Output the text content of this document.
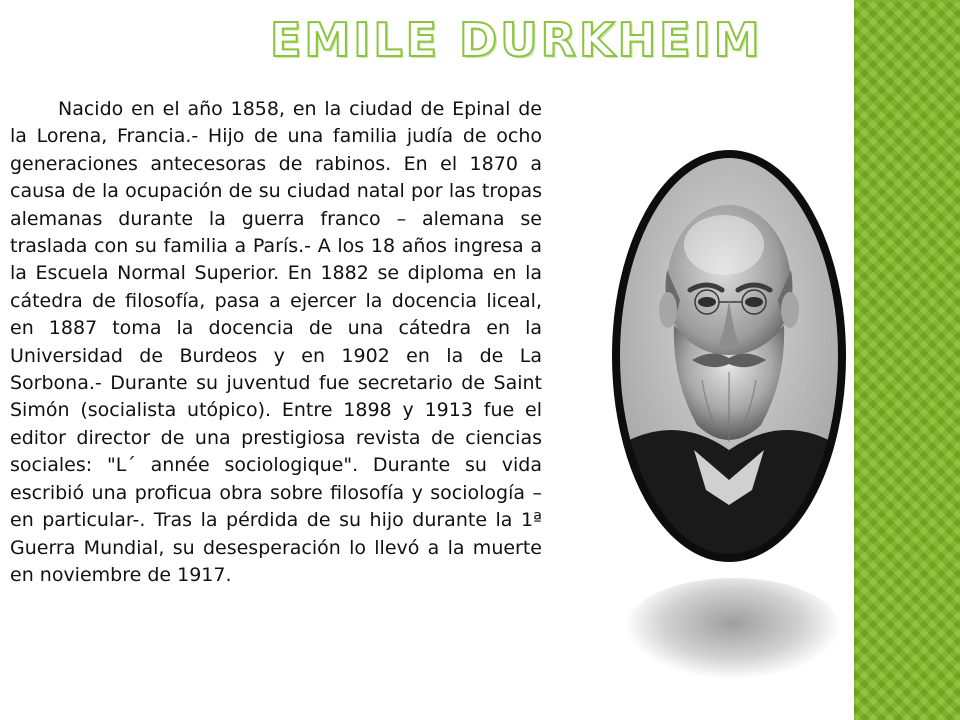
EMILE DURKHEIM

Nacido en el año 1858, en la ciudad de Epinal de la Lorena, Francia.- Hijo de una familia judía de ocho generaciones antecesoras de rabinos. En el 1870 a causa de la ocupación de su ciudad natal por las tropas alemanas durante la guerra franco – alemana se traslada con su familia a París.- A los 18 años ingresa a la Escuela Normal Superior. En 1882 se diploma en la cátedra de filosofía, pasa a ejercer la docencia liceal, en 1887 toma la docencia de una cátedra en la Universidad de Burdeos y en 1902 en la de La Sorbona.- Durante su juventud fue secretario de Saint Simón (socialista utópico). Entre 1898 y 1913 fue el editor director de una prestigiosa revista de ciencias sociales: "L´ année sociologique". Durante su vida escribió una proficua obra sobre filosofía y sociología –en particular-. Tras la pérdida de su hijo durante la 1ª Guerra Mundial, su desesperación lo llevó a la muerte en noviembre de 1917.
